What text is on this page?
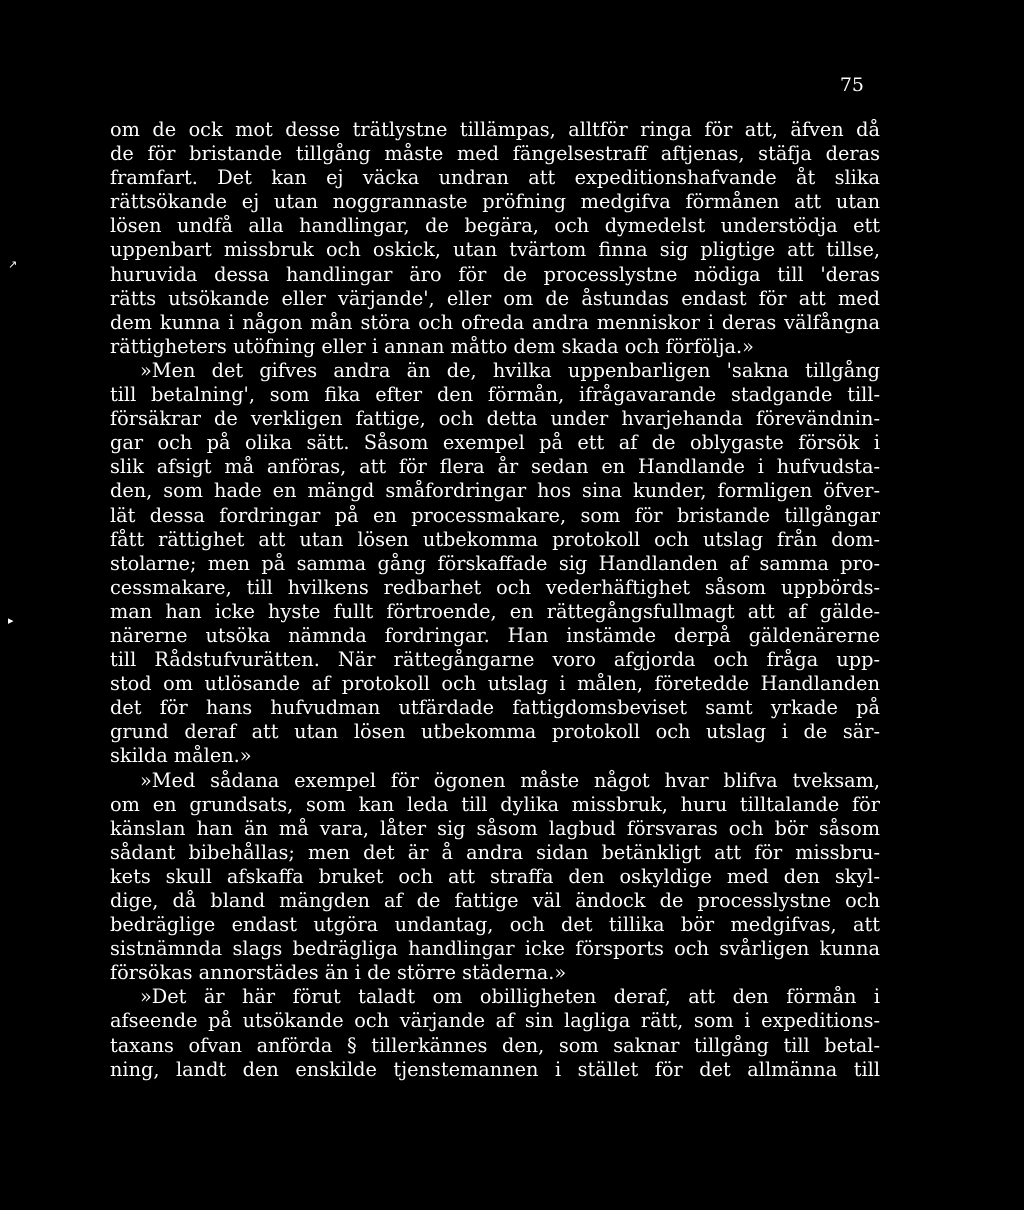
75
↗
▸
om de ock mot desse trätlystne tillämpas, alltför ringa för att, äfven då
de för bristande tillgång måste med fängelsestraff aftjenas, stäfja deras
framfart. Det kan ej väcka undran att expeditionshafvande åt slika
rättsökande ej utan noggrannaste pröfning medgifva förmånen att utan
lösen undfå alla handlingar, de begära, och dymedelst understödja ett
uppenbart missbruk och oskick, utan tvärtom finna sig pligtige att tillse,
huruvida dessa handlingar äro för de processlystne nödiga till 'deras
rätts utsökande eller värjande', eller om de åstundas endast för att med
dem kunna i någon mån störa och ofreda andra menniskor i deras välfångna
rättigheters utöfning eller i annan måtto dem skada och förfölja.»
»Men det gifves andra än de, hvilka uppenbarligen 'sakna tillgång
till betalning', som fika efter den förmån, ifrågavarande stadgande till-
försäkrar de verkligen fattige, och detta under hvarjehanda förevändnin-
gar och på olika sätt. Såsom exempel på ett af de oblygaste försök i
slik afsigt må anföras, att för flera år sedan en Handlande i hufvudsta-
den, som hade en mängd småfordringar hos sina kunder, formligen öfver-
lät dessa fordringar på en processmakare, som för bristande tillgångar
fått rättighet att utan lösen utbekomma protokoll och utslag från dom-
stolarne; men på samma gång förskaffade sig Handlanden af samma pro-
cessmakare, till hvilkens redbarhet och vederhäftighet såsom uppbörds-
man han icke hyste fullt förtroende, en rättegångsfullmagt att af gälde-
närerne utsöka nämnda fordringar. Han instämde derpå gäldenärerne
till Rådstufvurätten. När rättegångarne voro afgjorda och fråga upp-
stod om utlösande af protokoll och utslag i målen, företedde Handlanden
det för hans hufvudman utfärdade fattigdomsbeviset samt yrkade på
grund deraf att utan lösen utbekomma protokoll och utslag i de sär-
skilda målen.»
»Med sådana exempel för ögonen måste något hvar blifva tveksam,
om en grundsats, som kan leda till dylika missbruk, huru tilltalande för
känslan han än må vara, låter sig såsom lagbud försvaras och bör såsom
sådant bibehållas; men det är å andra sidan betänkligt att för missbru-
kets skull afskaffa bruket och att straffa den oskyldige med den skyl-
dige, då bland mängden af de fattige väl ändock de processlystne och
bedräglige endast utgöra undantag, och det tillika bör medgifvas, att
sistnämnda slags bedrägliga handlingar icke försports och svårligen kunna
försökas annorstädes än i de större städerna.»
»Det är här förut taladt om obilligheten deraf, att den förmån i
afseende på utsökande och värjande af sin lagliga rätt, som i expeditions-
taxans ofvan anförda § tillerkännes den, som saknar tillgång till betal-
ning, landt den enskilde tjenstemannen i stället för det allmänna till
